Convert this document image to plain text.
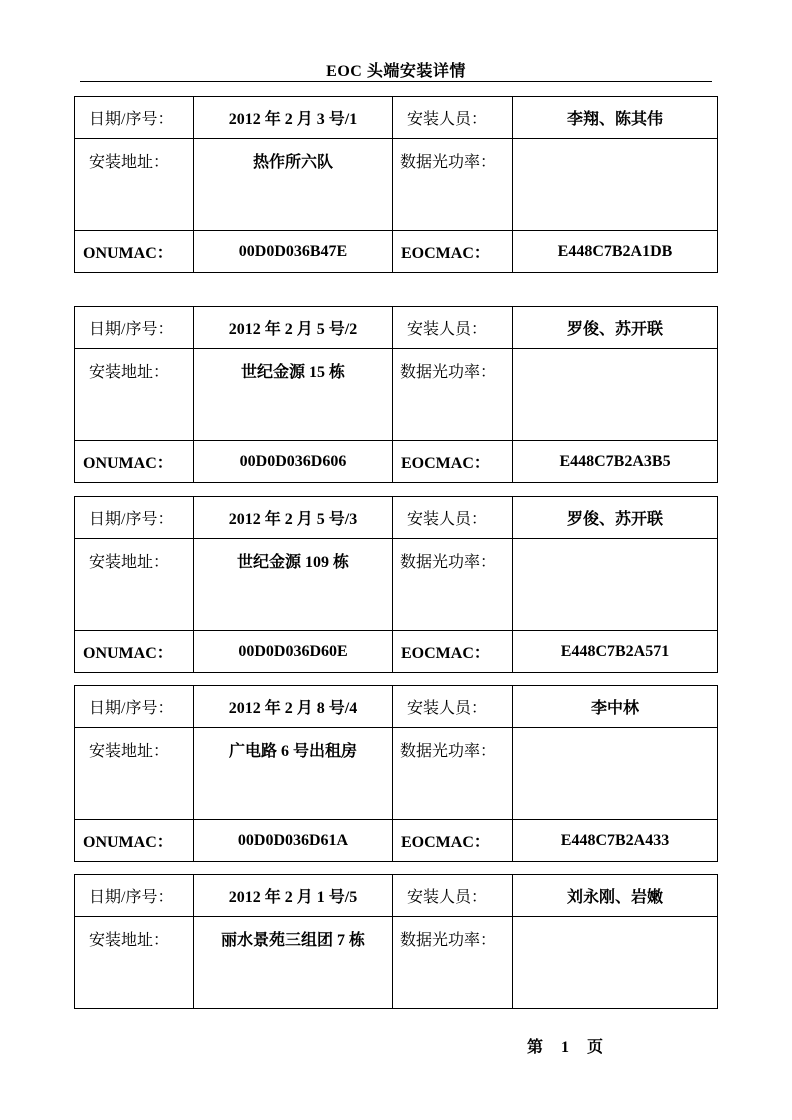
EOC 头端安装详情
日期/序号：	2012 年 2 月 3 号/1	安装人员：	李翔、陈其伟
安装地址：	热作所六队	数据光功率：	
ONUMAC：	00D0D036B47E	EOCMAC：	E448C7B2A1DB
日期/序号：	2012 年 2 月 5 号/2	安装人员：	罗俊、苏开联
安装地址：	世纪金源 15 栋	数据光功率：	
ONUMAC：	00D0D036D606	EOCMAC：	E448C7B2A3B5
日期/序号：	2012 年 2 月 5 号/3	安装人员：	罗俊、苏开联
安装地址：	世纪金源 109 栋	数据光功率：	
ONUMAC：	00D0D036D60E	EOCMAC：	E448C7B2A571
日期/序号：	2012 年 2 月 8 号/4	安装人员：	李中林
安装地址：	广电路 6 号出租房	数据光功率：	
ONUMAC：	00D0D036D61A	EOCMAC：	E448C7B2A433
日期/序号：	2012 年 2 月 1 号/5	安装人员：	刘永刚、岩嫩
安装地址：	丽水景苑三组团 7 栋	数据光功率：	
第 1 页
